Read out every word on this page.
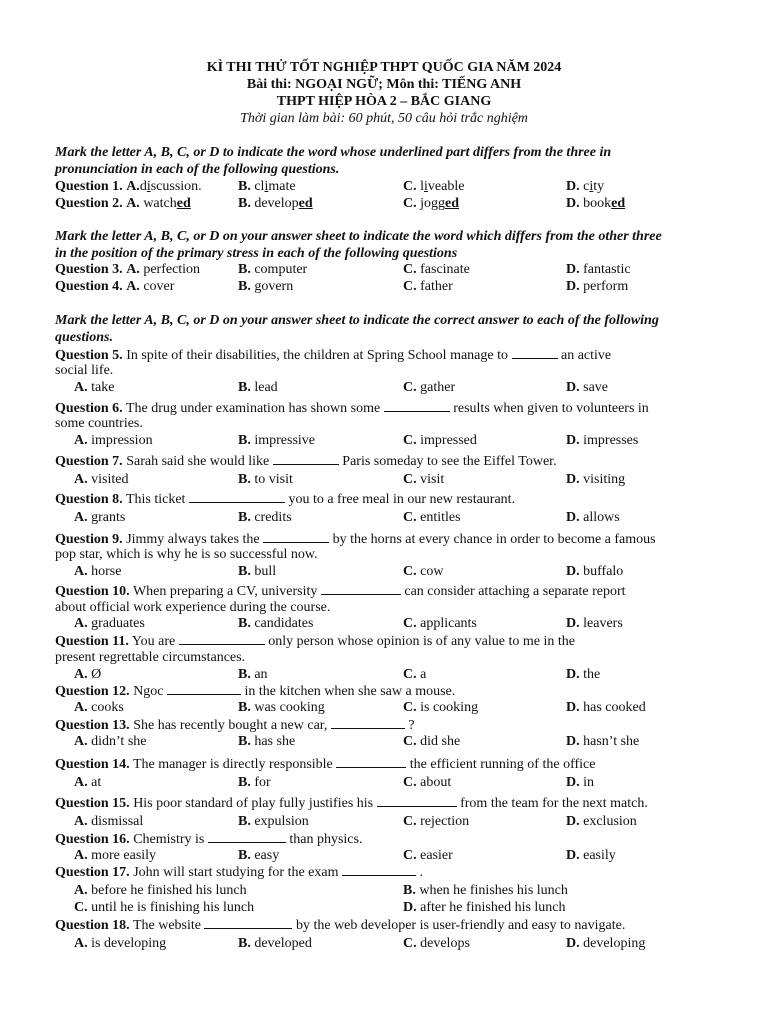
KÌ THI THỬ TỐT NGHIỆP THPT QUỐC GIA NĂM 2024
Bài thi: NGOẠI NGỮ; Môn thi: TIẾNG ANH
THPT HIỆP HÒA 2 – BẮC GIANG
Thời gian làm bài: 60 phút, 50 câu hỏi trắc nghiệm
Mark the letter A, B, C, or D to indicate the word whose underlined part differs from the three in
pronunciation in each of the following questions.
Question 1. A.discussion.	B. climate	C. liveable	D. city
Question 2. A. watched	B. developed	C. jogged	D. booked
Mark the letter A, B, C, or D on your answer sheet to indicate the word which differs from the other three
in the position of the primary stress in each of the following questions
Question 3. A. perfection	B. computer	C. fascinate	D. fantastic
Question 4. A. cover	B. govern	C. father	D. perform
Mark the letter A, B, C, or D on your answer sheet to indicate the correct answer to each of the following
questions.
Question 5. In spite of their disabilities, the children at Spring School manage to	an active
social life.
A. take	B. lead	C. gather	D. save
Question 6. The drug under examination has shown some	results when given to volunteers in
some countries.
A. impression	B. impressive	C. impressed	D. impresses
Question 7. Sarah said she would like	Paris someday to see the Eiffel Tower.
A. visited	B. to visit	C. visit	D. visiting
Question 8. This ticket	you to a free meal in our new restaurant.
A. grants	B. credits	C. entitles	D. allows
Question 9. Jimmy always takes the	by the horns at every chance in order to become a famous
pop star, which is why he is so successful now.
A. horse	B. bull	C. cow	D. buffalo
Question 10. When preparing a CV, university	can consider attaching a separate report
about official work experience during the course.
A. graduates	B. candidates	C. applicants	D. leavers
Question 11. You are	only person whose opinion is of any value to me in the
present regrettable circumstances.
A. Ø	B. an	C. a	D. the
Question 12. Ngoc	in the kitchen when she saw a mouse.
A. cooks	B. was cooking	C. is cooking	D. has cooked
Question 13. She has recently bought a new car,	?
A. didn’t she	B. has she	C. did she	D. hasn’t she
Question 14. The manager is directly responsible	the efficient running of the office
A. at	B. for	C. about	D. in
Question 15. His poor standard of play fully justifies his	from the team for the next match.
A. dismissal	B. expulsion	C. rejection	D. exclusion
Question 16. Chemistry is	than physics.
A. more easily	B. easy	C. easier	D. easily
Question 17. John will start studying for the exam	.
A. before he finished his lunch	B. when he finishes his lunch
C. until he is finishing his lunch	D. after he finished his lunch
Question 18. The website	by the web developer is user-friendly and easy to navigate.
A. is developing	B. developed	C. develops	D. developing
